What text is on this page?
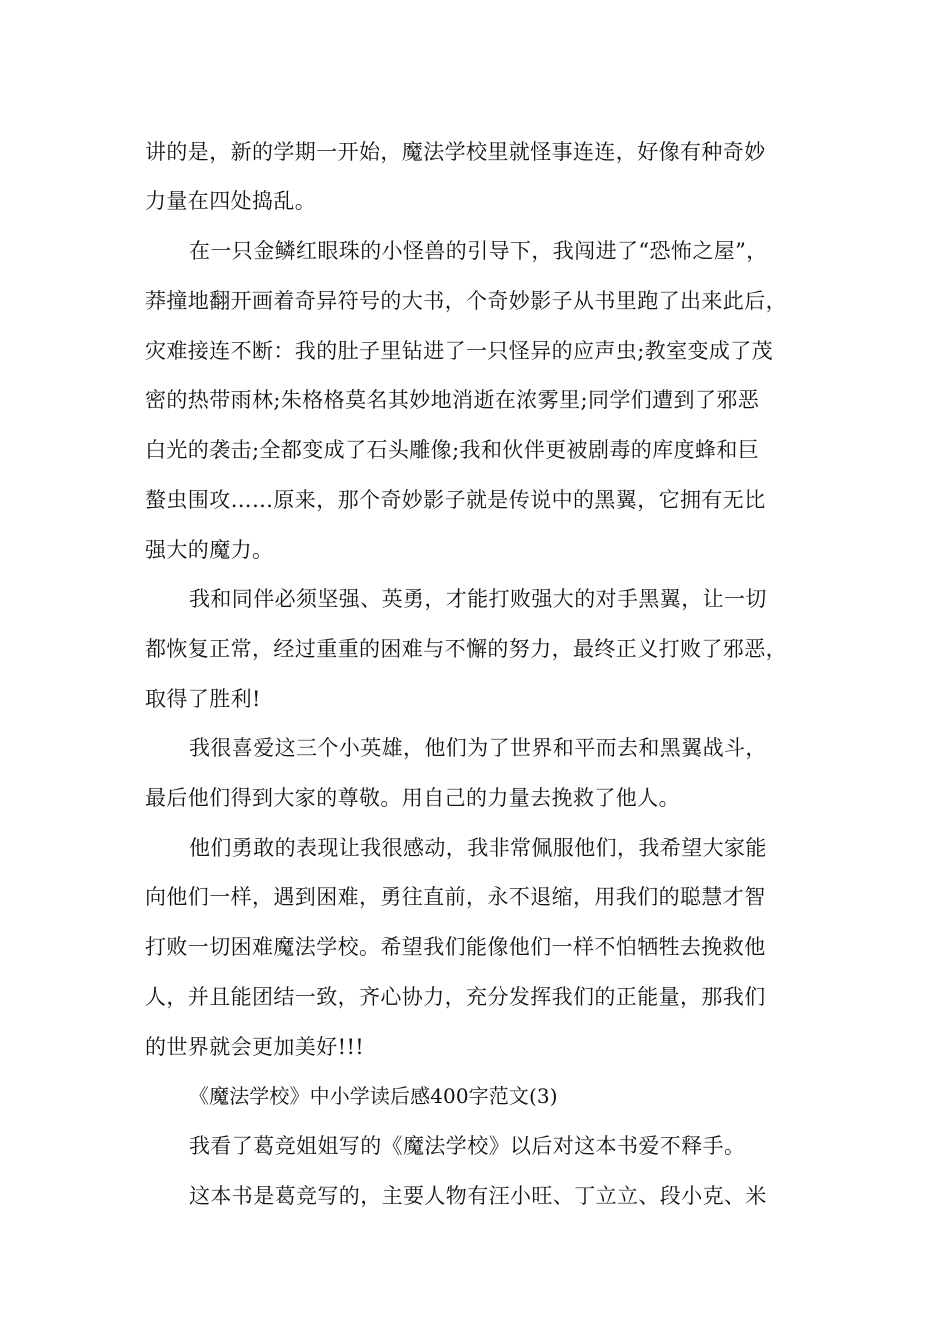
讲的是，新的学期一开始，魔法学校里就怪事连连，好像有种奇妙
力量在四处捣乱。
在一只金鳞红眼珠的小怪兽的引导下，我闯进了“恐怖之屋”，
莽撞地翻开画着奇异符号的大书，个奇妙影子从书里跑了出来此后，
灾难接连不断：我的肚子里钻进了一只怪异的应声虫;教室变成了茂
密的热带雨林;朱格格莫名其妙地消逝在浓雾里;同学们遭到了邪恶
白光的袭击;全都变成了石头雕像;我和伙伴更被剧毒的库度蜂和巨
螯虫围攻……原来，那个奇妙影子就是传说中的黑翼，它拥有无比
强大的魔力。
我和同伴必须坚强、英勇，才能打败强大的对手黑翼，让一切
都恢复正常，经过重重的困难与不懈的努力，最终正义打败了邪恶，
取得了胜利!
我很喜爱这三个小英雄，他们为了世界和平而去和黑翼战斗，
最后他们得到大家的尊敬。用自己的力量去挽救了他人。
他们勇敢的表现让我很感动，我非常佩服他们，我希望大家能
向他们一样，遇到困难，勇往直前，永不退缩，用我们的聪慧才智
打败一切困难魔法学校。希望我们能像他们一样不怕牺牲去挽救他
人，并且能团结一致，齐心协力，充分发挥我们的正能量，那我们
的世界就会更加美好!!!
《魔法学校》中小学读后感400字范文(3)
我看了葛竞姐姐写的《魔法学校》以后对这本书爱不释手。
这本书是葛竞写的，主要人物有汪小旺、丁立立、段小克、米
